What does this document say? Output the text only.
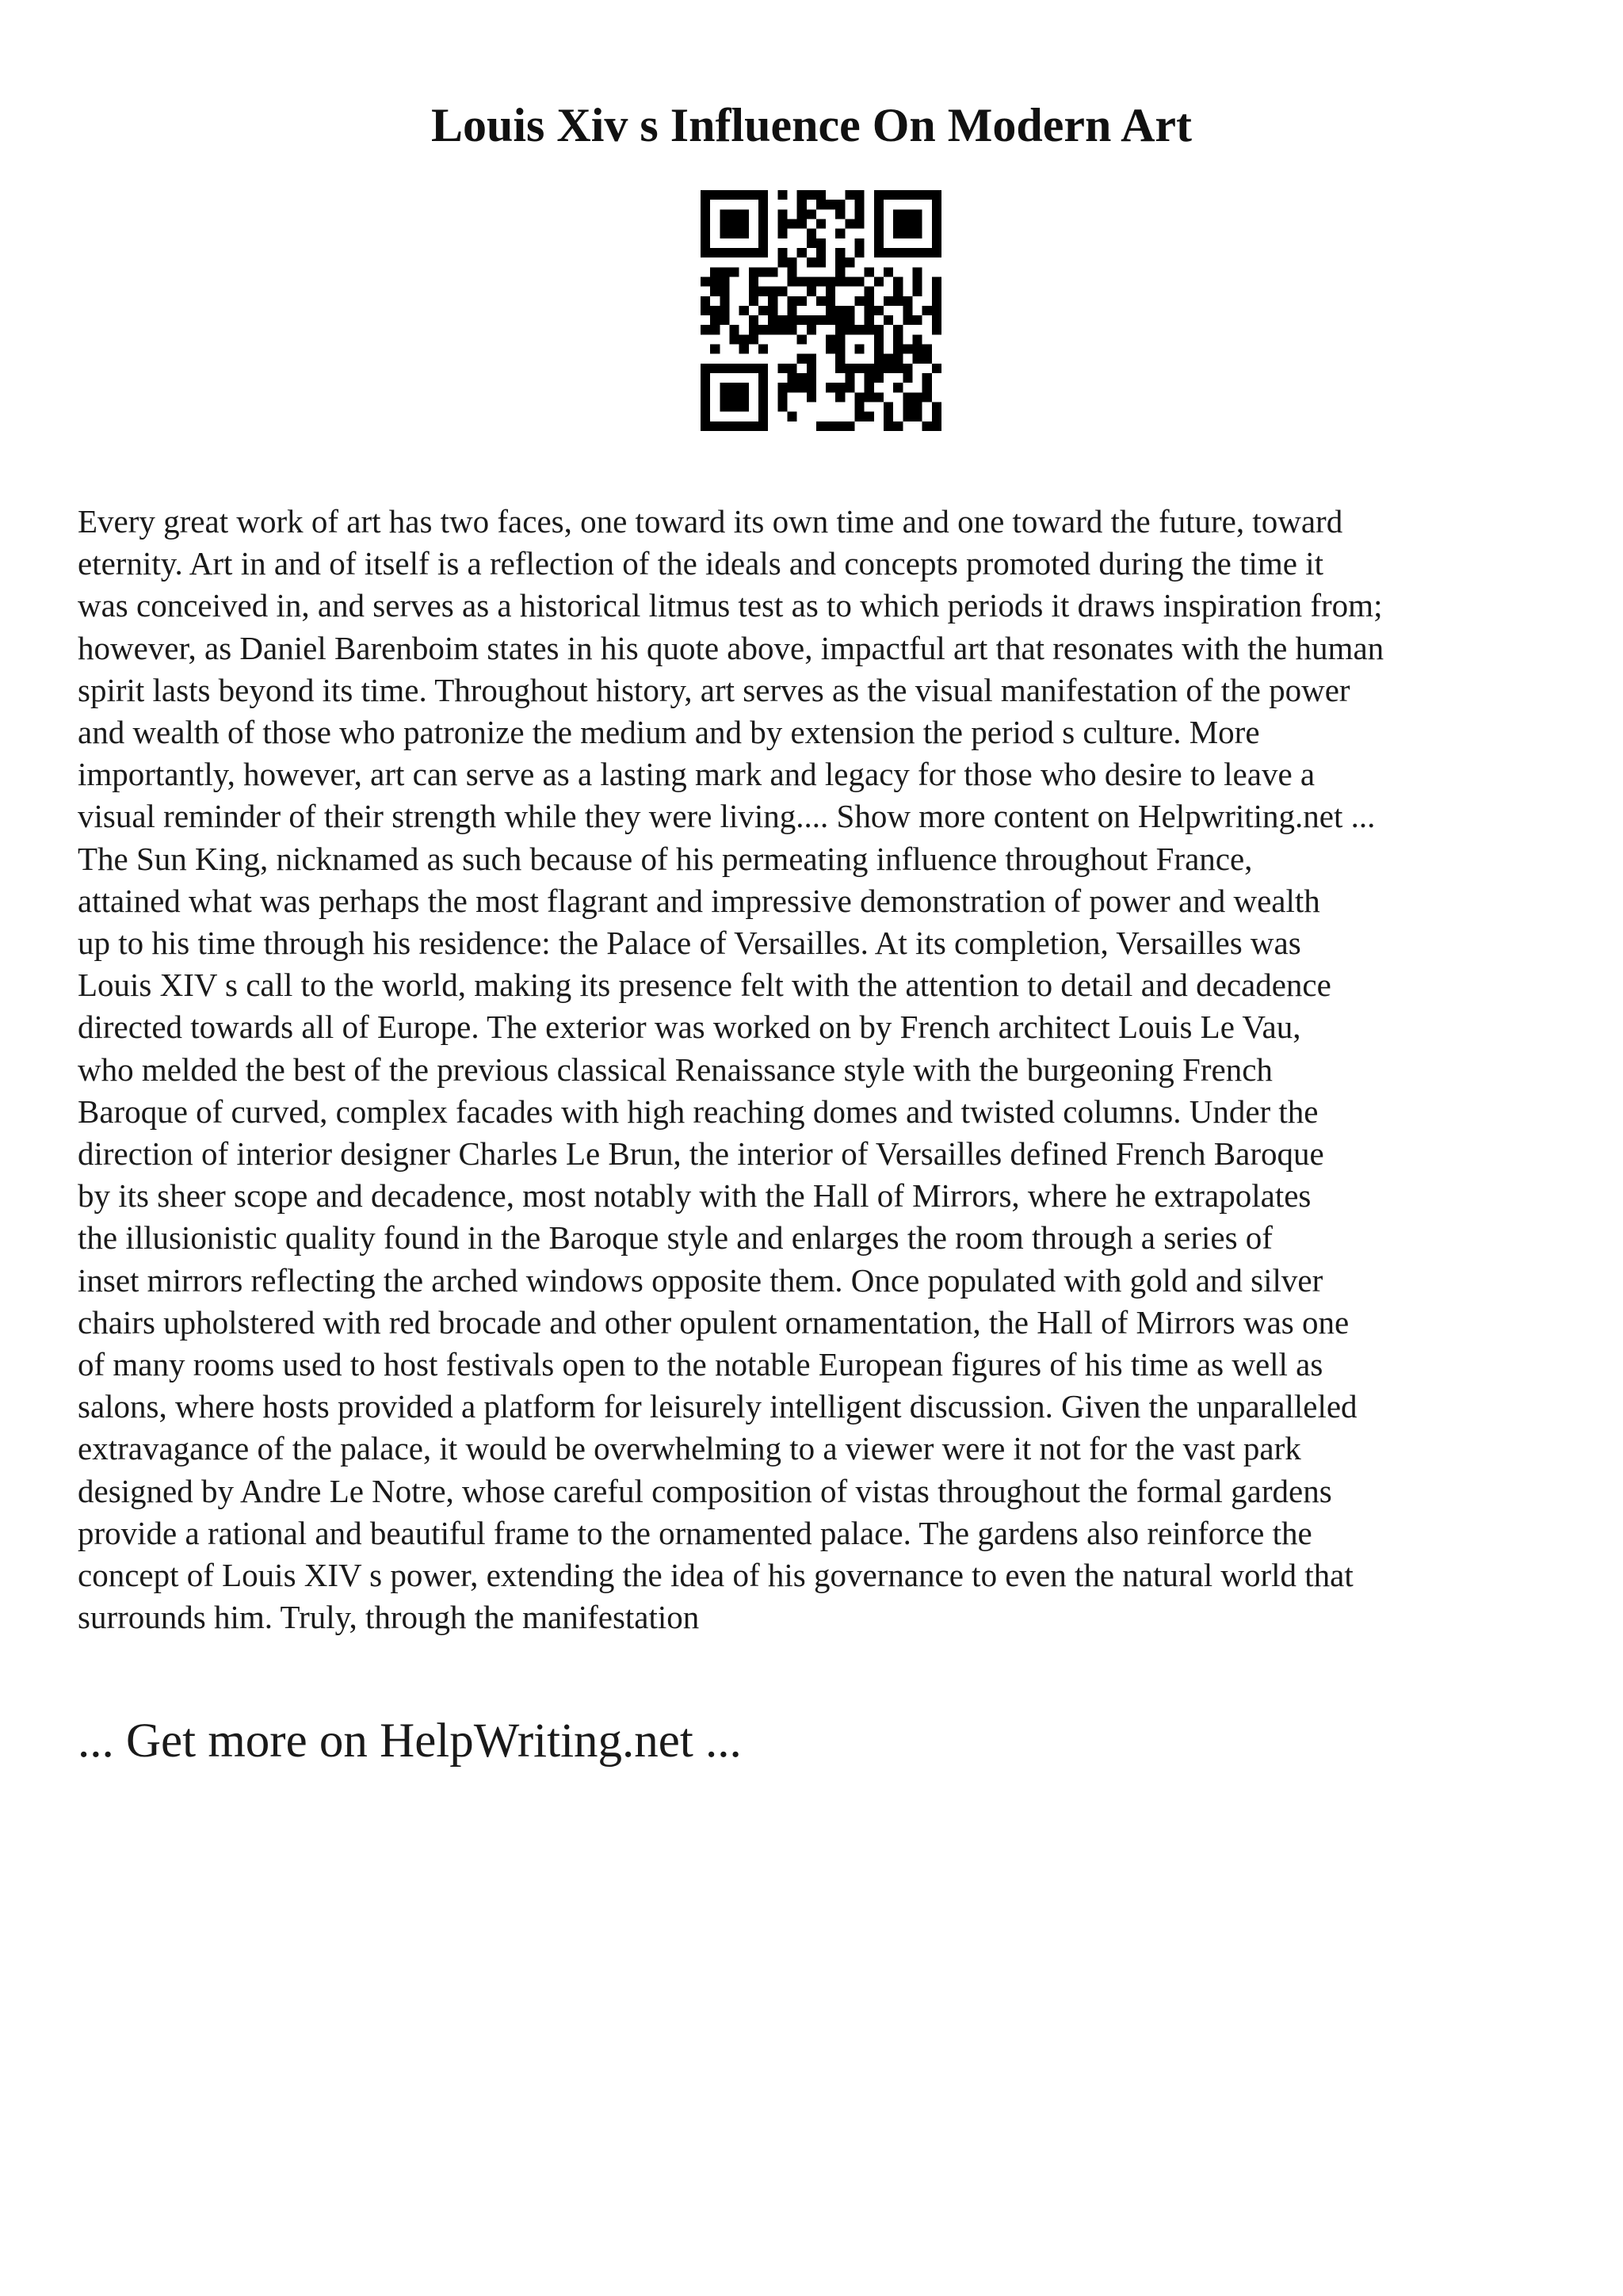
Louis Xiv s Influence On Modern Art
Every great work of art has two faces, one toward its own time and one toward the future, toward
eternity. Art in and of itself is a reflection of the ideals and concepts promoted during the time it
was conceived in, and serves as a historical litmus test as to which periods it draws inspiration from;
however, as Daniel Barenboim states in his quote above, impactful art that resonates with the human
spirit lasts beyond its time. Throughout history, art serves as the visual manifestation of the power
and wealth of those who patronize the medium and by extension the period s culture. More
importantly, however, art can serve as a lasting mark and legacy for those who desire to leave a
visual reminder of their strength while they were living.... Show more content on Helpwriting.net ...
The Sun King, nicknamed as such because of his permeating influence throughout France,
attained what was perhaps the most flagrant and impressive demonstration of power and wealth
up to his time through his residence: the Palace of Versailles. At its completion, Versailles was
Louis XIV s call to the world, making its presence felt with the attention to detail and decadence
directed towards all of Europe. The exterior was worked on by French architect Louis Le Vau,
who melded the best of the previous classical Renaissance style with the burgeoning French
Baroque of curved, complex facades with high reaching domes and twisted columns. Under the
direction of interior designer Charles Le Brun, the interior of Versailles defined French Baroque
by its sheer scope and decadence, most notably with the Hall of Mirrors, where he extrapolates
the illusionistic quality found in the Baroque style and enlarges the room through a series of
inset mirrors reflecting the arched windows opposite them. Once populated with gold and silver
chairs upholstered with red brocade and other opulent ornamentation, the Hall of Mirrors was one
of many rooms used to host festivals open to the notable European figures of his time as well as
salons, where hosts provided a platform for leisurely intelligent discussion. Given the unparalleled
extravagance of the palace, it would be overwhelming to a viewer were it not for the vast park
designed by Andre Le Notre, whose careful composition of vistas throughout the formal gardens
provide a rational and beautiful frame to the ornamented palace. The gardens also reinforce the
concept of Louis XIV s power, extending the idea of his governance to even the natural world that
surrounds him. Truly, through the manifestation

... Get more on HelpWriting.net ...
